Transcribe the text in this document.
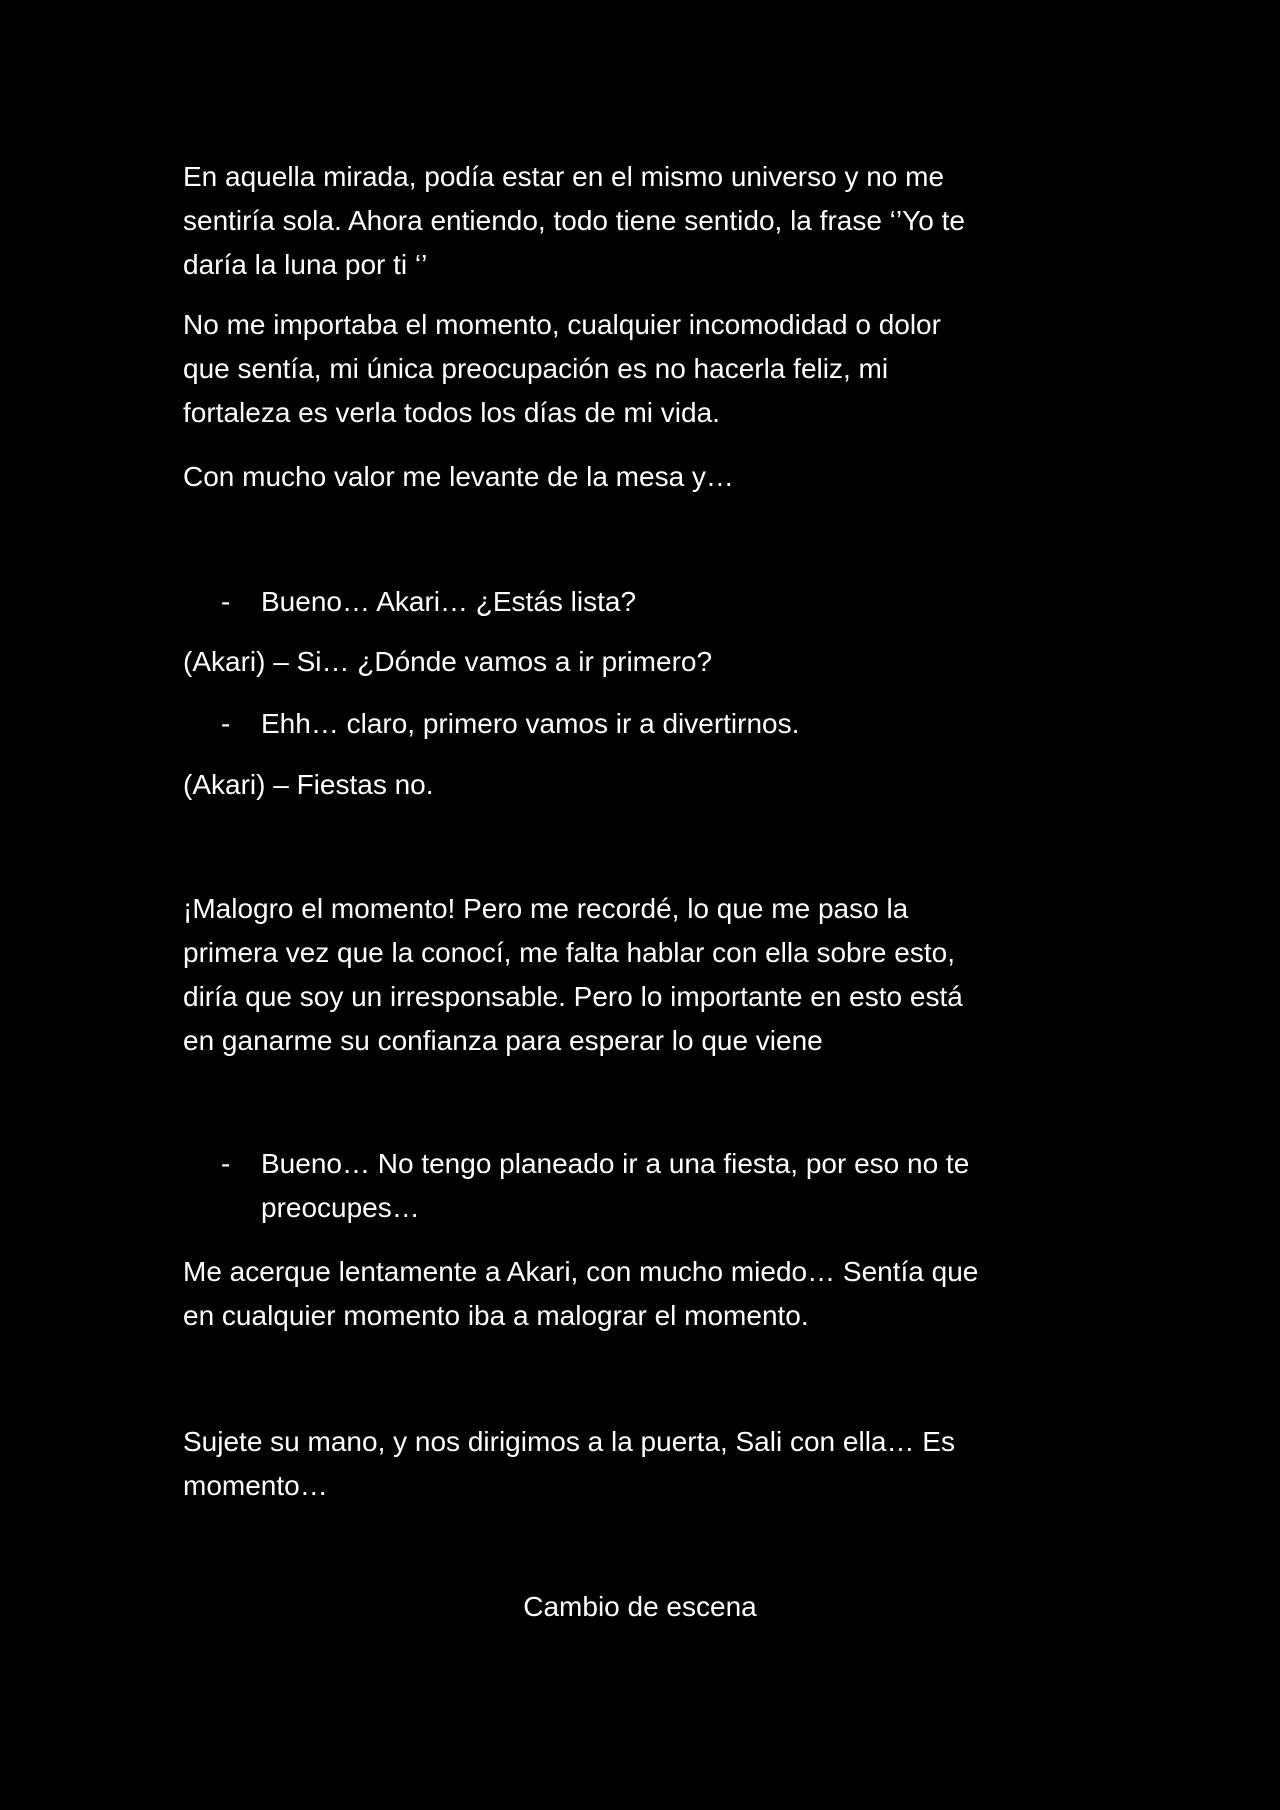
En aquella mirada, podía estar en el mismo universo y no me
sentiría sola. Ahora entiendo, todo tiene sentido, la frase ‘’Yo te
daría la luna por ti ‘’

No me importaba el momento, cualquier incomodidad o dolor
que sentía, mi única preocupación es no hacerla feliz, mi
fortaleza es verla todos los días de mi vida.

Con mucho valor me levante de la mesa y…

- Bueno… Akari… ¿Estás lista?

(Akari) – Si… ¿Dónde vamos a ir primero?

- Ehh… claro, primero vamos ir a divertirnos.

(Akari) – Fiestas no.

¡Malogro el momento! Pero me recordé, lo que me paso la
primera vez que la conocí, me falta hablar con ella sobre esto,
diría que soy un irresponsable. Pero lo importante en esto está
en ganarme su confianza para esperar lo que viene

- Bueno… No tengo planeado ir a una fiesta, por eso no te
preocupes…

Me acerque lentamente a Akari, con mucho miedo… Sentía que
en cualquier momento iba a malograr el momento.

Sujete su mano, y nos dirigimos a la puerta, Sali con ella… Es
momento…

Cambio de escena
